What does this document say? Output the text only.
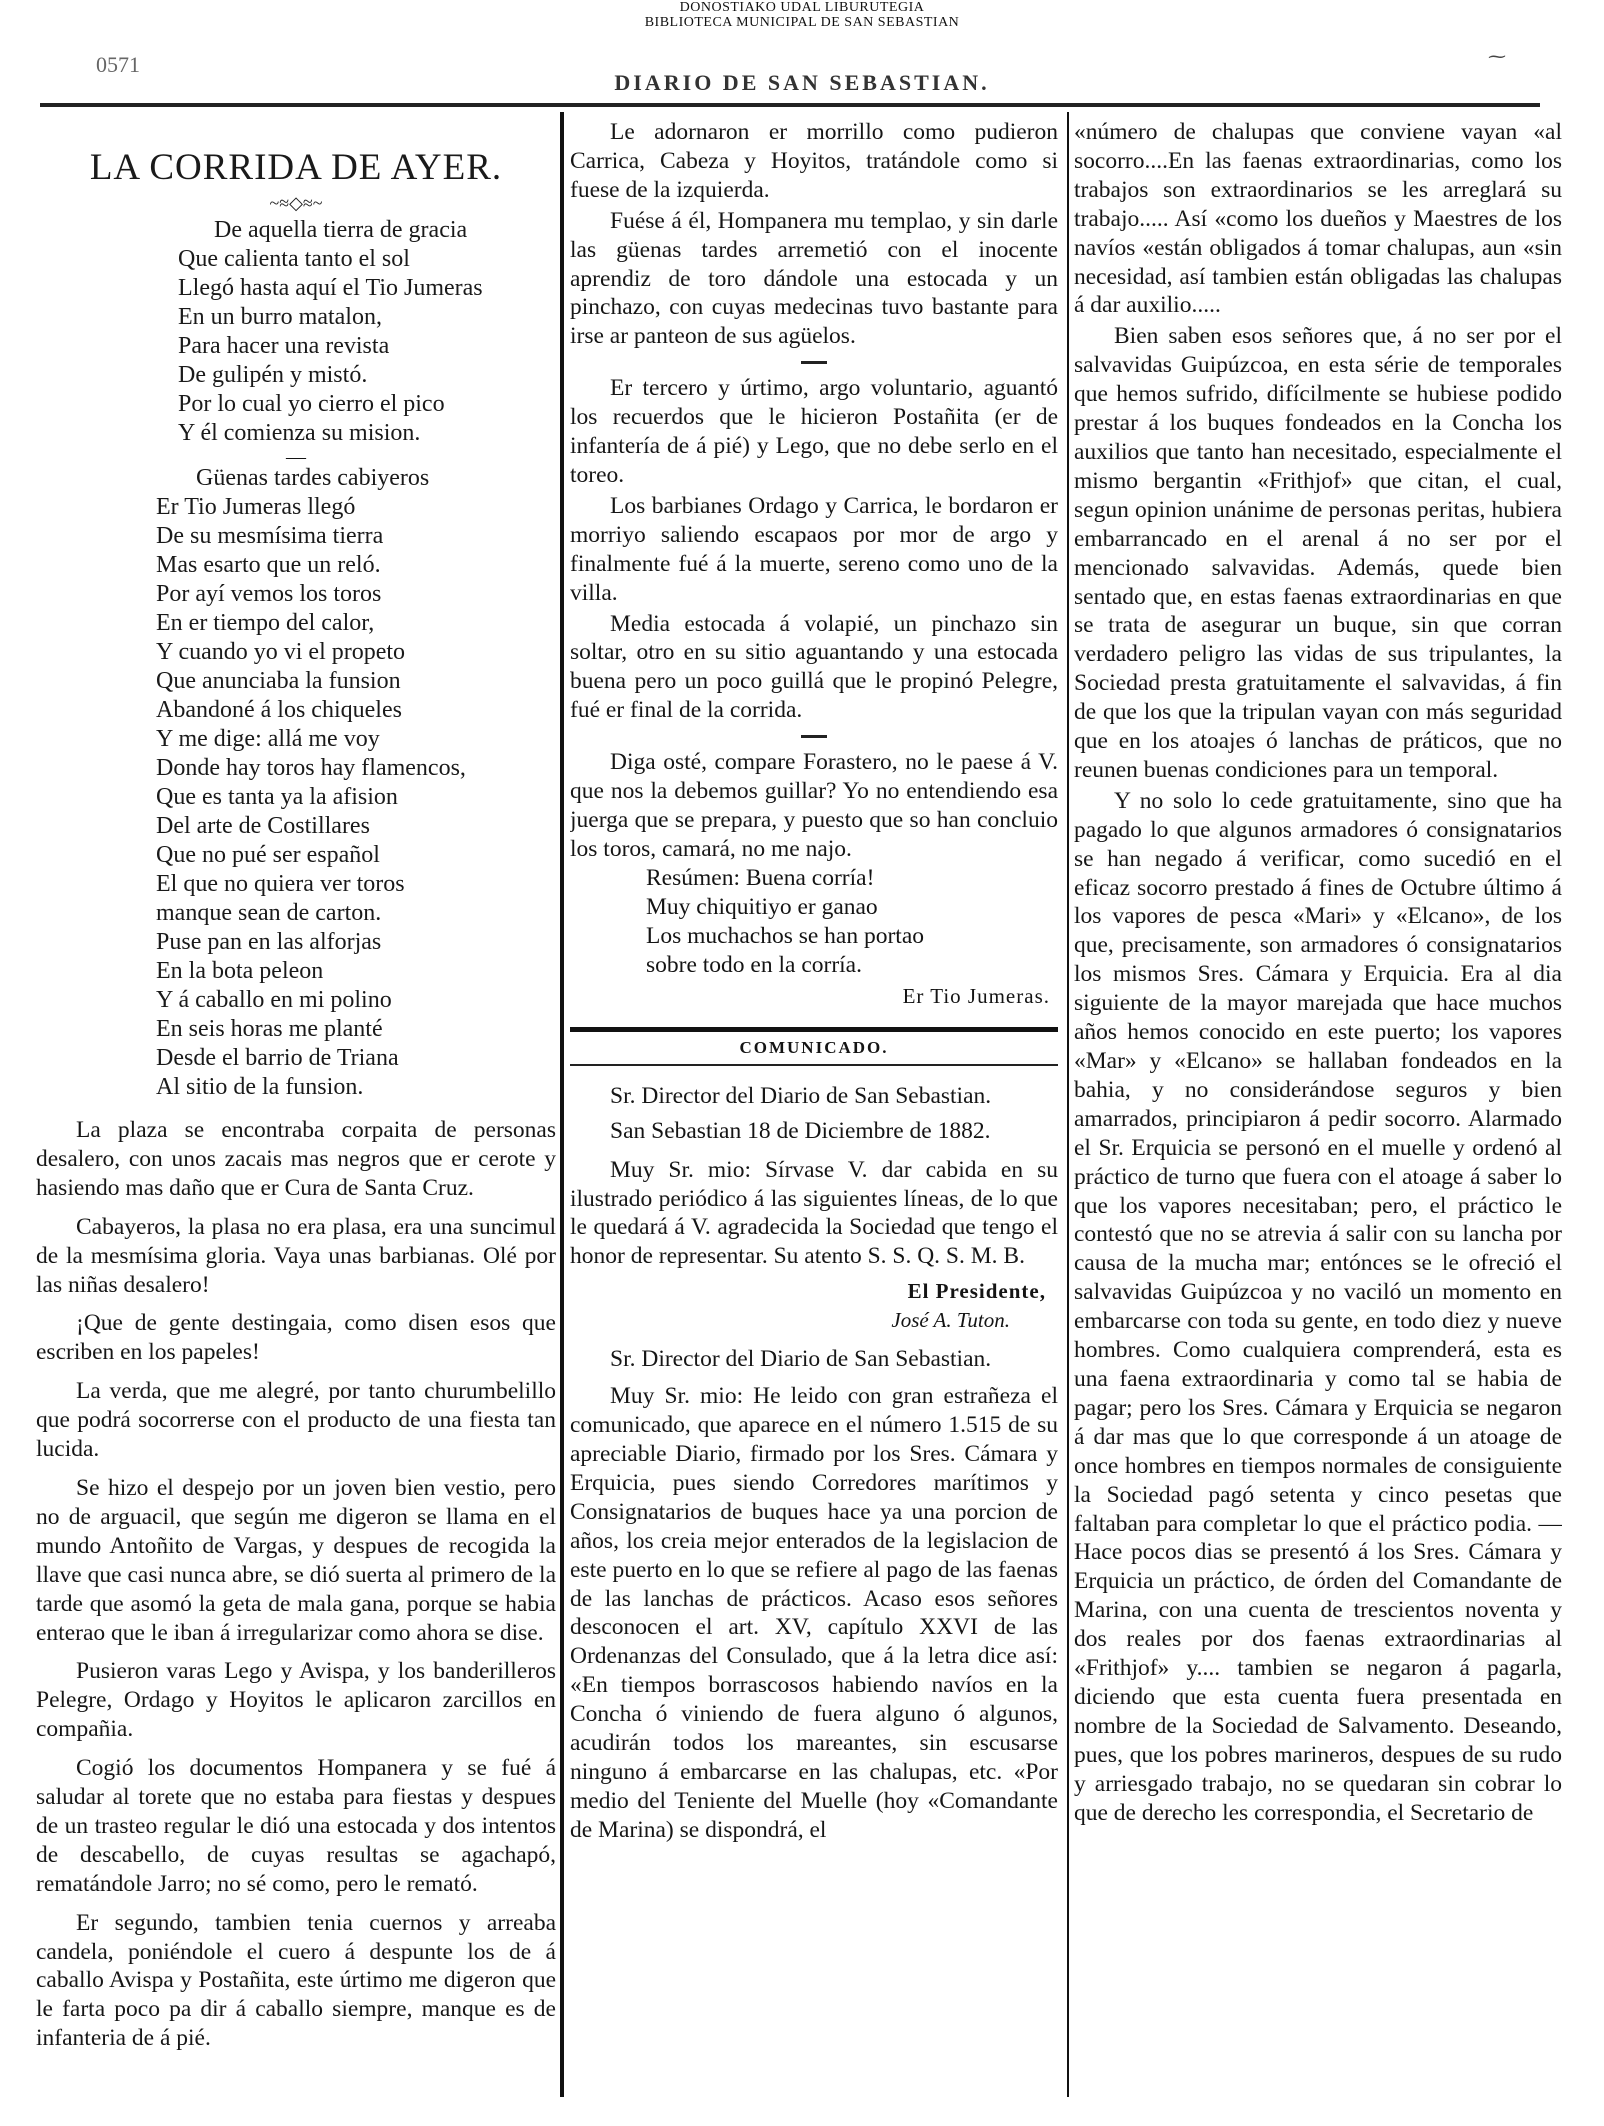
DONOSTIAKO UDAL LIBURUTEGIA
BIBLIOTECA MUNICIPAL DE SAN SEBASTIAN
0571
DIARIO DE SAN SEBASTIAN.
⁓
LA CORRIDA DE AYER.
~≈◇≈~
De aquella tierra de gracia
Que calienta tanto el sol
Llegó hasta aquí el Tio Jumeras
En un burro matalon,
Para hacer una revista
De gulipén y mistó.
Por lo cual yo cierro el pico
Y él comienza su mision.
—
Güenas tardes cabiyeros
Er Tio Jumeras llegó
De su mesmísima tierra
Mas esarto que un reló.
Por ayí vemos los toros
En er tiempo del calor,
Y cuando yo vi el propeto
Que anunciaba la funsion
Abandoné á los chiqueles
Y me dige: allá me voy
Donde hay toros hay flamencos,
Que es tanta ya la afision
Del arte de Costillares
Que no pué ser español
El que no quiera ver toros
manque sean de carton.
Puse pan en las alforjas
En la bota peleon
Y á caballo en mi polino
En seis horas me planté
Desde el barrio de Triana
Al sitio de la funsion.

La plaza se encontraba corpaita de personas desalero, con unos zacais mas negros que er cerote y hasiendo mas daño que er Cura de Santa Cruz.

Cabayeros, la plasa no era plasa, era una suncimul de la mesmísima gloria. Vaya unas barbianas. Olé por las niñas desalero!

¡Que de gente destingaia, como disen esos que escriben en los papeles!

La verda, que me alegré, por tanto churumbelillo que podrá socorrerse con el producto de una fiesta tan lucida.

Se hizo el despejo por un joven bien vestio, pero no de arguacil, que según me digeron se llama en el mundo Antoñito de Vargas, y despues de recogida la llave que casi nunca abre, se dió suerta al primero de la tarde que asomó la geta de mala gana, porque se habia enterao que le iban á irregularizar como ahora se dise.

Pusieron varas Lego y Avispa, y los banderilleros Pelegre, Ordago y Hoyitos le aplicaron zarcillos en compañia.

Cogió los documentos Hompanera y se fué á saludar al torete que no estaba para fiestas y despues de un trasteo regular le dió una estocada y dos intentos de descabello, de cuyas resultas se agachapó, rematándole Jarro; no sé como, pero le remató.

Er segundo, tambien tenia cuernos y arreaba candela, poniéndole el cuero á despunte los de á caballo Avispa y Postañita, este úrtimo me digeron que le farta poco pa dir á caballo siempre, manque es de infanteria de á pié.

Le adornaron er morrillo como pudieron Carrica, Cabeza y Hoyitos, tratándole como si fuese de la izquierda.

Fuése á él, Hompanera mu templao, y sin darle las güenas tardes arremetió con el inocente aprendiz de toro dándole una estocada y un pinchazo, con cuyas medecinas tuvo bastante para irse ar panteon de sus agüelos.

Er tercero y úrtimo, argo voluntario, aguantó los recuerdos que le hicieron Postañita (er de infantería de á pié) y Lego, que no debe serlo en el toreo.

Los barbianes Ordago y Carrica, le bordaron er morriyo saliendo escapaos por mor de argo y finalmente fué á la muerte, sereno como uno de la villa.

Media estocada á volapié, un pinchazo sin soltar, otro en su sitio aguantando y una estocada buena pero un poco guillá que le propinó Pelegre, fué er final de la corrida.

Diga osté, compare Forastero, no le paese á V. que nos la debemos guillar? Yo no entendiendo esa juerga que se prepara, y puesto que so han concluio los toros, camará, no me najo.

Resúmen: Buena corría!
Muy chiquitiyo er ganao
Los muchachos se han portao
sobre todo en la corría.
Er Tio Jumeras.
COMUNICADO.

Sr. Director del Diario de San Sebastian.

San Sebastian 18 de Diciembre de 1882.

Muy Sr. mio: Sírvase V. dar cabida en su ilustrado periódico á las siguientes líneas, de lo que le quedará á V. agradecida la Sociedad que tengo el honor de representar. Su atento S. S. Q. S. M. B.

El Presidente,
José A. Tuton.

Sr. Director del Diario de San Sebastian.

Muy Sr. mio: He leido con gran estrañeza el comunicado, que aparece en el número 1.515 de su apreciable Diario, firmado por los Sres. Cámara y Erquicia, pues siendo Corredores marítimos y Consignatarios de buques hace ya una porcion de años, los creia mejor enterados de la legislacion de este puerto en lo que se refiere al pago de las faenas de las lanchas de prácticos. Acaso esos señores desconocen el art. XV, capítulo XXVI de las Ordenanzas del Consulado, que á la letra dice así: «En tiempos borrascosos habiendo navíos en la Concha ó viniendo de fuera alguno ó algunos, acudirán todos los mareantes, sin escusarse ninguno á embarcarse en las chalupas, etc. «Por medio del Teniente del Muelle (hoy «Comandante de Marina) se dispondrá, el

«número de chalupas que conviene vayan «al socorro....En las faenas extraordinarias, como los trabajos son extraordinarios se les arreglará su trabajo..... Así «como los dueños y Maestres de los navíos «están obligados á tomar chalupas, aun «sin necesidad, así tambien están obligadas las chalupas á dar auxilio.....

Bien saben esos señores que, á no ser por el salvavidas Guipúzcoa, en esta série de temporales que hemos sufrido, difícilmente se hubiese podido prestar á los buques fondeados en la Concha los auxilios que tanto han necesitado, especialmente el mismo bergantin «Frithjof» que citan, el cual, segun opinion unánime de personas peritas, hubiera embarrancado en el arenal á no ser por el mencionado salvavidas. Además, quede bien sentado que, en estas faenas extraordinarias en que se trata de asegurar un buque, sin que corran verdadero peligro las vidas de sus tripulantes, la Sociedad presta gratuitamente el salvavidas, á fin de que los que la tripulan vayan con más seguridad que en los atoajes ó lanchas de práticos, que no reunen buenas condiciones para un temporal.

Y no solo lo cede gratuitamente, sino que ha pagado lo que algunos armadores ó consignatarios se han negado á verificar, como sucedió en el eficaz socorro prestado á fines de Octubre último á los vapores de pesca «Mari» y «Elcano», de los que, precisamente, son armadores ó consignatarios los mismos Sres. Cámara y Erquicia. Era al dia siguiente de la mayor marejada que hace muchos años hemos conocido en este puerto; los vapores «Mar» y «Elcano» se hallaban fondeados en la bahia, y no considerándose seguros y bien amarrados, principiaron á pedir socorro. Alarmado el Sr. Erquicia se personó en el muelle y ordenó al práctico de turno que fuera con el atoage á saber lo que los vapores necesitaban; pero, el práctico le contestó que no se atrevia á salir con su lancha por causa de la mucha mar; entónces se le ofreció el salvavidas Guipúzcoa y no vaciló un momento en embarcarse con toda su gente, en todo diez y nueve hombres. Como cualquiera comprenderá, esta es una faena extraordinaria y como tal se habia de pagar; pero los Sres. Cámara y Erquicia se negaron á dar mas que lo que corresponde á un atoage de once hombres en tiempos normales de consiguiente la Sociedad pagó setenta y cinco pesetas que faltaban para completar lo que el práctico podia. — Hace pocos dias se presentó á los Sres. Cámara y Erquicia un práctico, de órden del Comandante de Marina, con una cuenta de trescientos noventa y dos reales por dos faenas extraordinarias al «Frithjof» y.... tambien se negaron á pagarla, diciendo que esta cuenta fuera presentada en nombre de la Sociedad de Salvamento. Deseando, pues, que los pobres marineros, despues de su rudo y arriesgado trabajo, no se quedaran sin cobrar lo que de derecho les correspondia, el Secretario de
